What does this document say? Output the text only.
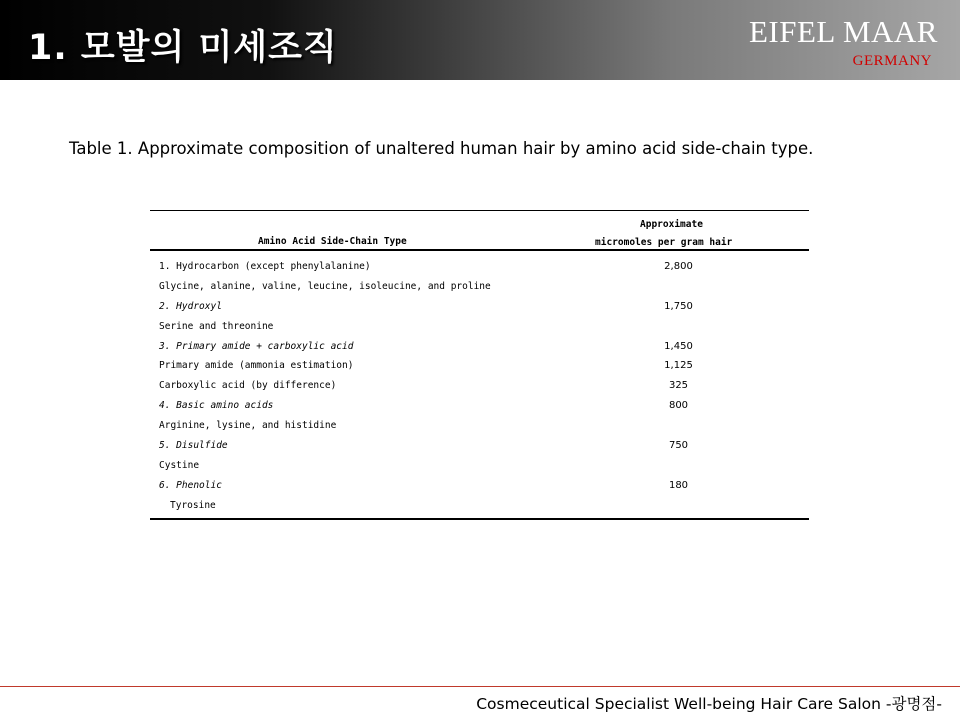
1. 모발의 미세조직	EIFEL MAAR
GERMANY
Table 1. Approximate composition of unaltered human hair by amino acid side-chain type.
Amino Acid Side-Chain Type
Approximate
micromoles per gram hair
1. Hydrocarbon (except phenylalanine)	2,800
Glycine, alanine, valine, leucine, isoleucine, and proline
2. Hydroxyl	1,750
Serine and threonine
3. Primary amide + carboxylic acid	1,450
Primary amide (ammonia estimation)	1,125
Carboxylic acid (by difference)	325
4. Basic amino acids	800
Arginine, lysine, and histidine
5. Disulfide	750
Cystine
6. Phenolic	180
Tyrosine
Cosmeceutical Specialist Well-being Hair Care Salon -광명점-
